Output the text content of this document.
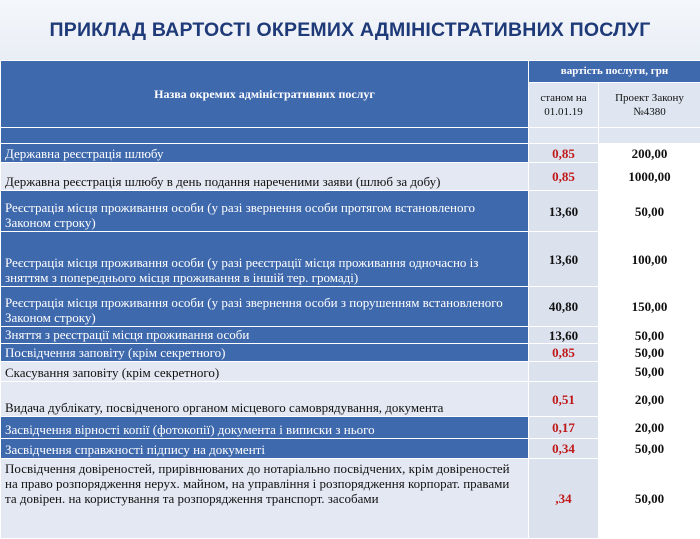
ПРИКЛАД ВАРТОСТІ ОКРЕМИХ АДМІНІСТРАТИВНИХ ПОСЛУГ
Назва окремих адміністративних послуг	вартість послуги, грн	
	станом на 01.01.19	Проект Закону №4380

Державна реєстрація шлюбу	0,85	200,00
Державна реєстрація шлюбу в день подання нареченими заяви (шлюб за добу)	0,85	1000,00
Реєстрація місця проживання особи (у разі звернення особи протягом встановленого Законом строку)	13,60	50,00
Реєстрація місця проживання особи (у разі реєстрації місця проживання одночасно із зняттям з попереднього місця проживання в іншій тер. громаді)	13,60	100,00
Реєстрація місця проживання особи (у разі звернення особи з порушенням встановленого Законом строку)	40,80	150,00
Зняття з реєстрації місця проживання особи	13,60	50,00
Посвідчення заповіту (крім секретного)	0,85	50,00
Скасування заповіту (крім секретного)		50,00
Видача дублікату, посвідченого органом місцевого самоврядування, документа	0,51	20,00
Засвідчення вірності копії (фотокопії) документа і виписки з нього	0,17	20,00
Засвідчення справжності підпису на документі	0,34	50,00
Посвідчення довіреностей, прирівнюваних до нотаріально посвідчених, крім довіреностей на право розпорядження нерух. майном, на управління і розпорядження корпорат. правами та довірен. на користування та розпорядження транспорт. засобами	,34	50,00
